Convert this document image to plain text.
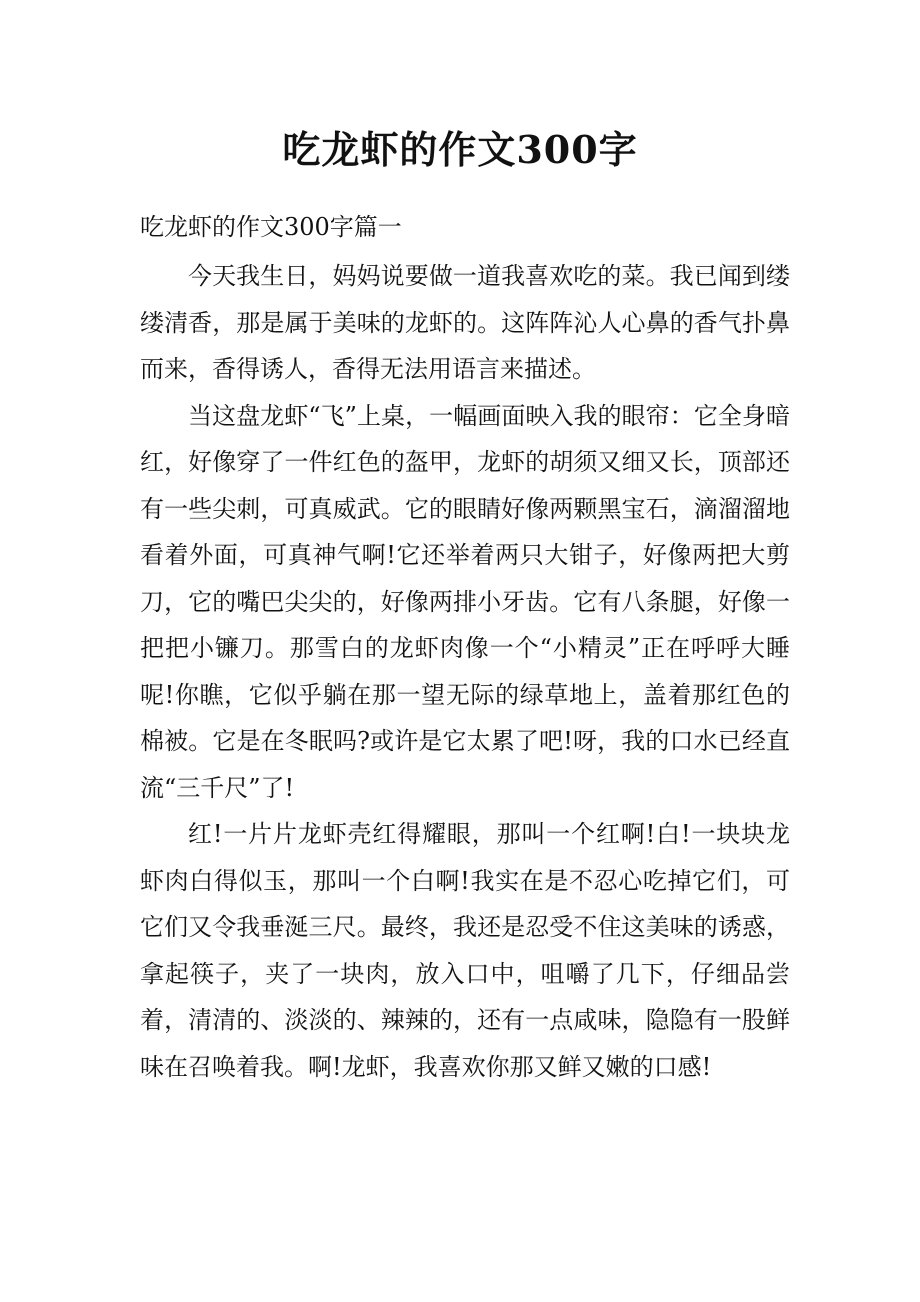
吃龙虾的作文300字
吃龙虾的作文300字篇一

今天我生日，妈妈说要做一道我喜欢吃的菜。我已闻到缕缕清香，那是属于美味的龙虾的。这阵阵沁人心鼻的香气扑鼻而来，香得诱人，香得无法用语言来描述。

当这盘龙虾“飞”上桌，一幅画面映入我的眼帘：它全身暗红，好像穿了一件红色的盔甲，龙虾的胡须又细又长，顶部还有一些尖刺，可真威武。它的眼睛好像两颗黑宝石，滴溜溜地看着外面，可真神气啊!它还举着两只大钳子，好像两把大剪刀，它的嘴巴尖尖的，好像两排小牙齿。它有八条腿，好像一把把小镰刀。那雪白的龙虾肉像一个“小精灵”正在呼呼大睡呢!你瞧，它似乎躺在那一望无际的绿草地上，盖着那红色的棉被。它是在冬眠吗?或许是它太累了吧!呀，我的口水已经直流“三千尺”了!

红!一片片龙虾壳红得耀眼，那叫一个红啊!白!一块块龙虾肉白得似玉，那叫一个白啊!我实在是不忍心吃掉它们，可它们又令我垂涎三尺。最终，我还是忍受不住这美味的诱惑，拿起筷子，夹了一块肉，放入口中，咀嚼了几下，仔细品尝着，清清的、淡淡的、辣辣的，还有一点咸味，隐隐有一股鲜味在召唤着我。啊!龙虾，我喜欢你那又鲜又嫩的口感!
